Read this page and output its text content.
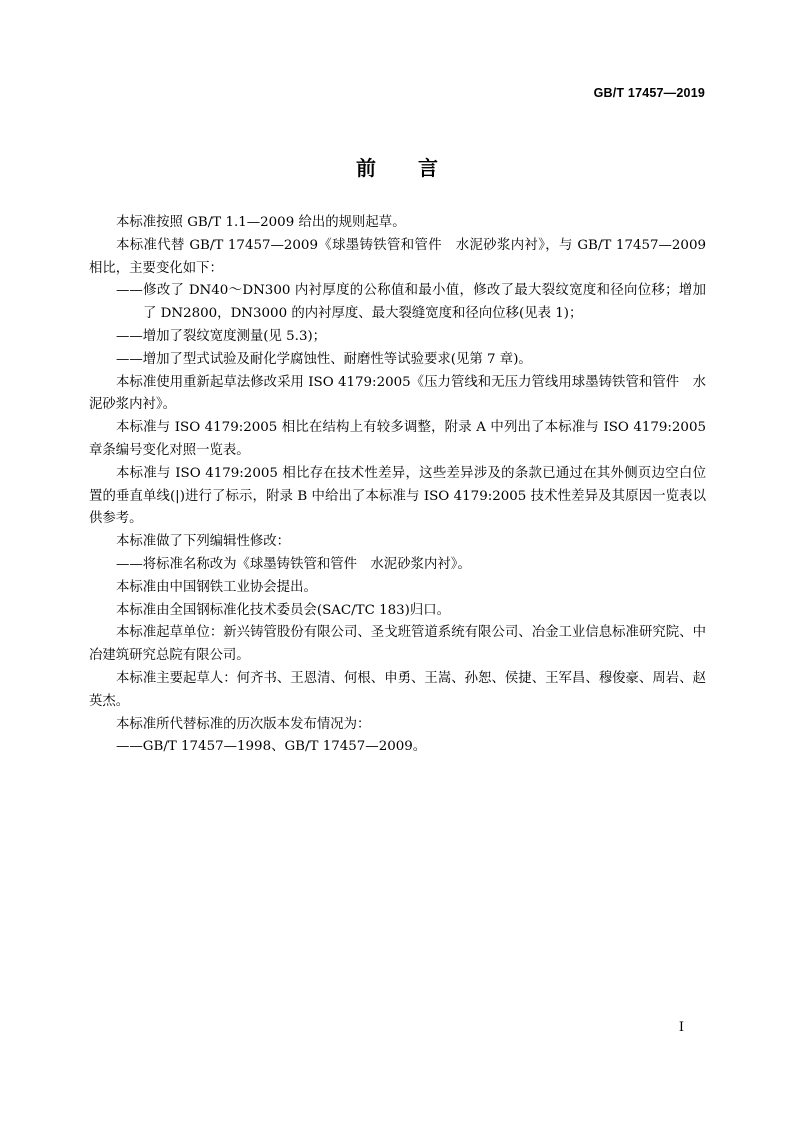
GB/T 17457—2019
前 言

本标准按照 GB/T 1.1—2009 给出的规则起草。

本标准代替 GB/T 17457—2009《球墨铸铁管和管件　水泥砂浆内衬》，与 GB/T 17457—2009 相比，主要变化如下：

——修改了 DN40～DN300 内衬厚度的公称值和最小值，修改了最大裂纹宽度和径向位移；增加了 DN2800，DN3000 的内衬厚度、最大裂缝宽度和径向位移(见表 1)；

——增加了裂纹宽度测量(见 5.3)；

——增加了型式试验及耐化学腐蚀性、耐磨性等试验要求(见第 7 章)。

本标准使用重新起草法修改采用 ISO 4179:2005《压力管线和无压力管线用球墨铸铁管和管件　水泥砂浆内衬》。

本标准与 ISO 4179:2005 相比在结构上有较多调整，附录 A 中列出了本标准与 ISO 4179:2005 章条编号变化对照一览表。

本标准与 ISO 4179:2005 相比存在技术性差异，这些差异涉及的条款已通过在其外侧页边空白位置的垂直单线(|)进行了标示，附录 B 中给出了本标准与 ISO 4179:2005 技术性差异及其原因一览表以供参考。

本标准做了下列编辑性修改：

——将标准名称改为《球墨铸铁管和管件　水泥砂浆内衬》。

本标准由中国钢铁工业协会提出。

本标准由全国钢标准化技术委员会(SAC/TC 183)归口。

本标准起草单位：新兴铸管股份有限公司、圣戈班管道系统有限公司、冶金工业信息标准研究院、中冶建筑研究总院有限公司。

本标准主要起草人：何齐书、王恩清、何根、申勇、王嵩、孙恕、侯捷、王军昌、穆俊豪、周岩、赵英杰。

本标准所代替标准的历次版本发布情况为：

——GB/T 17457—1998、GB/T 17457—2009。

I
